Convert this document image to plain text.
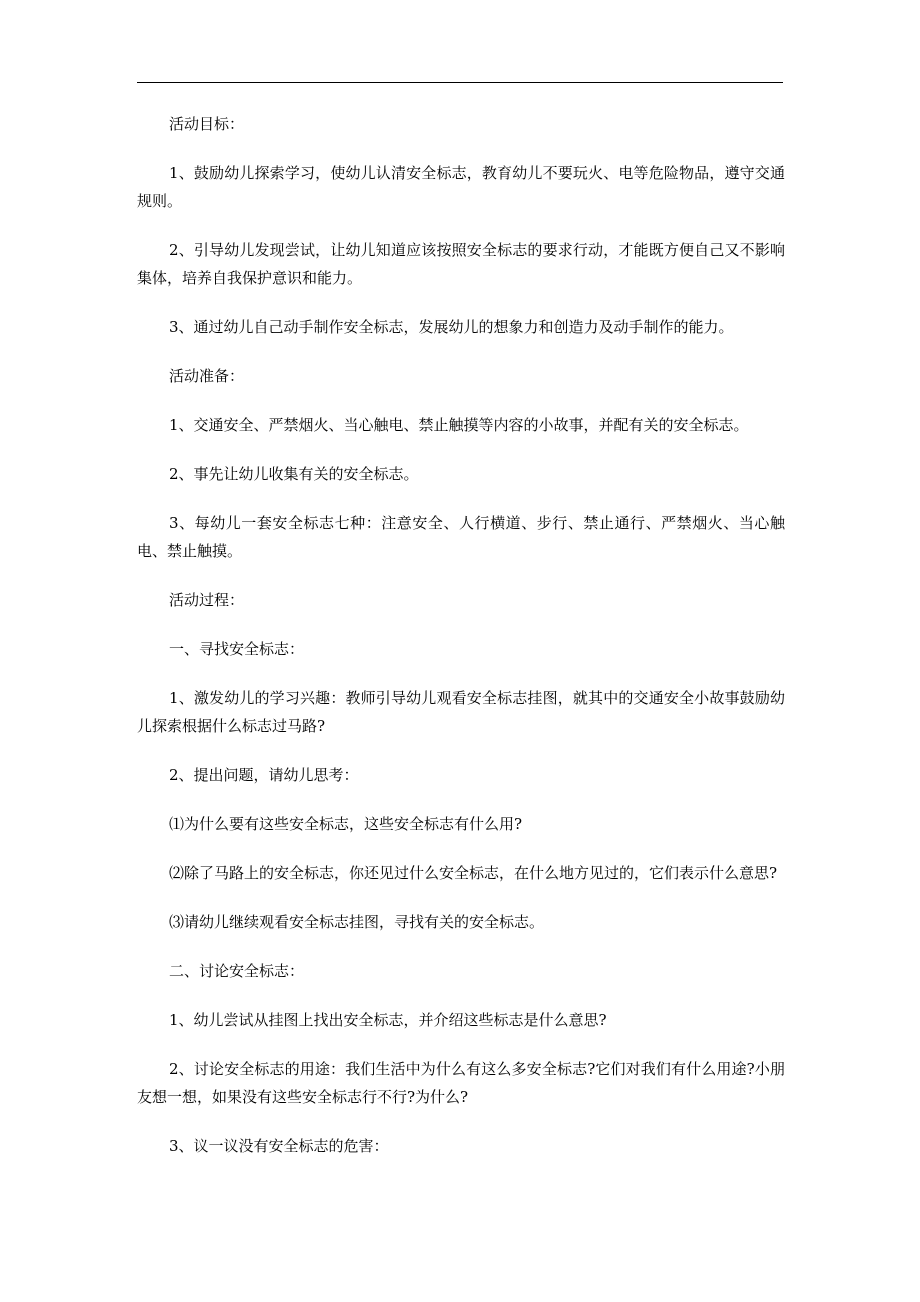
活动目标：

1、鼓励幼儿探索学习，使幼儿认清安全标志，教育幼儿不要玩火、电等危险物品，遵守交通规则。

2、引导幼儿发现尝试，让幼儿知道应该按照安全标志的要求行动，才能既方便自己又不影响集体，培养自我保护意识和能力。

3、通过幼儿自己动手制作安全标志，发展幼儿的想象力和创造力及动手制作的能力。

活动准备：

1、交通安全、严禁烟火、当心触电、禁止触摸等内容的小故事，并配有关的安全标志。

2、事先让幼儿收集有关的安全标志。

3、每幼儿一套安全标志七种：注意安全、人行横道、步行、禁止通行、严禁烟火、当心触电、禁止触摸。

活动过程：

一、寻找安全标志：

1、激发幼儿的学习兴趣：教师引导幼儿观看安全标志挂图，就其中的交通安全小故事鼓励幼儿探索根据什么标志过马路?

2、提出问题，请幼儿思考：

⑴为什么要有这些安全标志，这些安全标志有什么用?

⑵除了马路上的安全标志，你还见过什么安全标志，在什么地方见过的，它们表示什么意思?

⑶请幼儿继续观看安全标志挂图，寻找有关的安全标志。

二、讨论安全标志：

1、幼儿尝试从挂图上找出安全标志，并介绍这些标志是什么意思?

2、讨论安全标志的用途：我们生活中为什么有这么多安全标志?它们对我们有什么用途?小朋友想一想，如果没有这些安全标志行不行?为什么?

3、议一议没有安全标志的危害：
